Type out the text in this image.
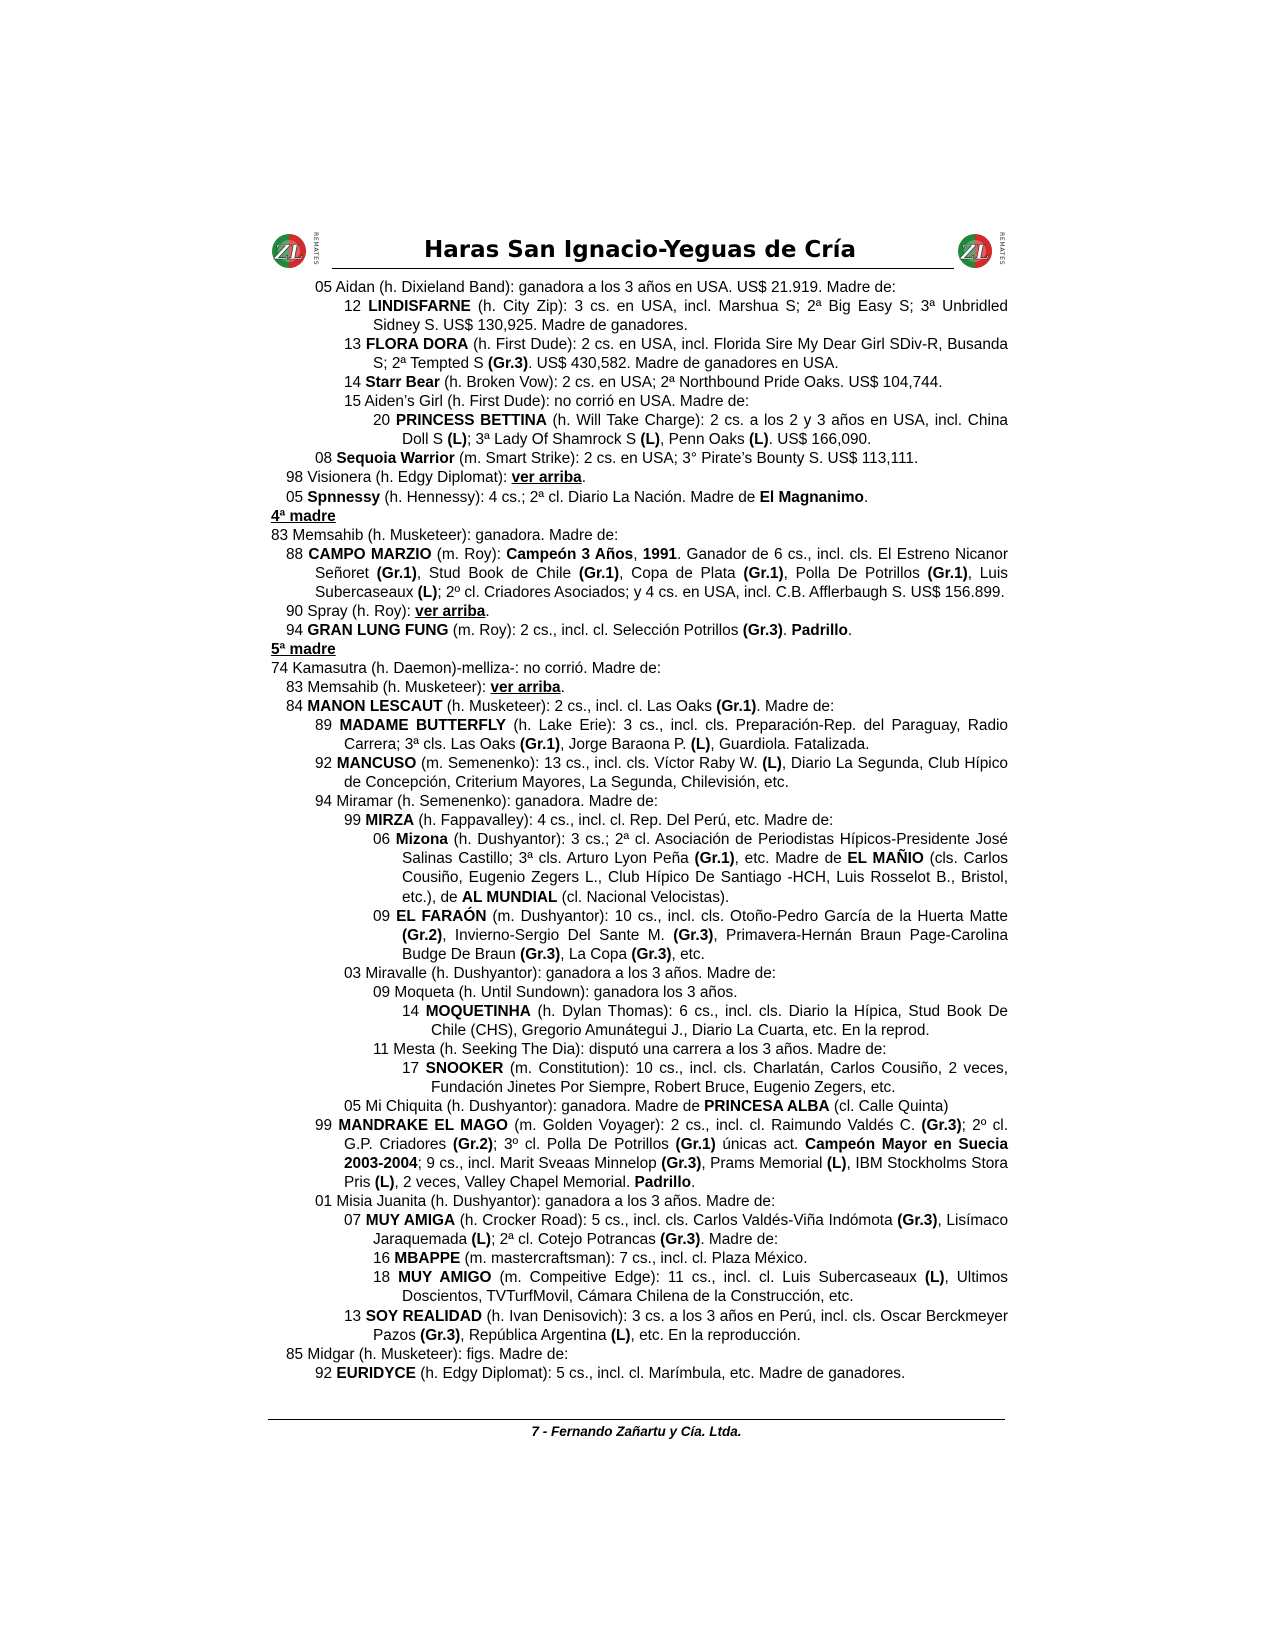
ZL REMATES	Haras San Ignacio-Yeguas de Cría	ZL REMATES
05 Aidan (h. Dixieland Band): ganadora a los 3 años en USA. US$ 21.919. Madre de:
12 LINDISFARNE (h. City Zip): 3 cs. en USA, incl. Marshua S; 2ª Big Easy S; 3ª Unbridled Sidney S. US$ 130,925. Madre de ganadores.
13 FLORA DORA (h. First Dude): 2 cs. en USA, incl. Florida Sire My Dear Girl SDiv-R, Busanda S; 2ª Tempted S (Gr.3). US$ 430,582. Madre de ganadores en USA.
14 Starr Bear (h. Broken Vow): 2 cs. en USA; 2ª Northbound Pride Oaks. US$ 104,744.
15 Aiden’s Girl (h. First Dude): no corrió en USA. Madre de:
20 PRINCESS BETTINA (h. Will Take Charge): 2 cs. a los 2 y 3 años en USA, incl. China Doll S (L); 3ª Lady Of Shamrock S (L), Penn Oaks (L). US$ 166,090.
08 Sequoia Warrior (m. Smart Strike): 2 cs. en USA; 3° Pirate’s Bounty S. US$ 113,111.
98 Visionera (h. Edgy Diplomat): ver arriba.
05 Spnnessy (h. Hennessy): 4 cs.; 2ª cl. Diario La Nación. Madre de El Magnanimo.
4ª madre
83 Memsahib (h. Musketeer): ganadora. Madre de:
88 CAMPO MARZIO (m. Roy): Campeón 3 Años, 1991. Ganador de 6 cs., incl. cls. El Estreno Nicanor Señoret (Gr.1), Stud Book de Chile (Gr.1), Copa de Plata (Gr.1), Polla De Potrillos (Gr.1), Luis Subercaseaux (L); 2º cl. Criadores Asociados; y 4 cs. en USA, incl. C.B. Afflerbaugh S. US$ 156.899.
90 Spray (h. Roy): ver arriba.
94 GRAN LUNG FUNG (m. Roy): 2 cs., incl. cl. Selección Potrillos (Gr.3). Padrillo.
5ª madre
74 Kamasutra (h. Daemon)-melliza-: no corrió. Madre de:
83 Memsahib (h. Musketeer): ver arriba.
84 MANON LESCAUT (h. Musketeer): 2 cs., incl. cl. Las Oaks (Gr.1). Madre de:
89 MADAME BUTTERFLY (h. Lake Erie): 3 cs., incl. cls. Preparación-Rep. del Paraguay, Radio Carrera; 3ª cls. Las Oaks (Gr.1), Jorge Baraona P. (L), Guardiola. Fatalizada.
92 MANCUSO (m. Semenenko): 13 cs., incl. cls. Víctor Raby W. (L), Diario La Segunda, Club Hípico de Concepción, Criterium Mayores, La Segunda, Chilevisión, etc.
94 Miramar (h. Semenenko): ganadora. Madre de:
99 MIRZA (h. Fappavalley): 4 cs., incl. cl. Rep. Del Perú, etc. Madre de:
06 Mizona (h. Dushyantor): 3 cs.; 2ª cl. Asociación de Periodistas Hípicos-Presidente José Salinas Castillo; 3ª cls. Arturo Lyon Peña (Gr.1), etc. Madre de EL MAÑIO (cls. Carlos Cousiño, Eugenio Zegers L., Club Hípico De Santiago -HCH, Luis Rosselot B., Bristol, etc.), de AL MUNDIAL (cl. Nacional Velocistas).
09 EL FARAÓN (m. Dushyantor): 10 cs., incl. cls. Otoño-Pedro García de la Huerta Matte (Gr.2), Invierno-Sergio Del Sante M. (Gr.3), Primavera-Hernán Braun Page-Carolina Budge De Braun (Gr.3), La Copa (Gr.3), etc.
03 Miravalle (h. Dushyantor): ganadora a los 3 años. Madre de:
09 Moqueta (h. Until Sundown): ganadora los 3 años.
14 MOQUETINHA (h. Dylan Thomas): 6 cs., incl. cls. Diario la Hípica, Stud Book De Chile (CHS), Gregorio Amunátegui J., Diario La Cuarta, etc. En la reprod.
11 Mesta (h. Seeking The Dia): disputó una carrera a los 3 años. Madre de:
17 SNOOKER (m. Constitution): 10 cs., incl. cls. Charlatán, Carlos Cousiño, 2 veces, Fundación Jinetes Por Siempre, Robert Bruce, Eugenio Zegers, etc.
05 Mi Chiquita (h. Dushyantor): ganadora. Madre de PRINCESA ALBA (cl. Calle Quinta)
99 MANDRAKE EL MAGO (m. Golden Voyager): 2 cs., incl. cl. Raimundo Valdés C. (Gr.3); 2º cl. G.P. Criadores (Gr.2); 3º cl. Polla De Potrillos (Gr.1) únicas act. Campeón Mayor en Suecia 2003-2004; 9 cs., incl. Marit Sveaas Minnelop (Gr.3), Prams Memorial (L), IBM Stockholms Stora Pris (L), 2 veces, Valley Chapel Memorial. Padrillo.
01 Misia Juanita (h. Dushyantor): ganadora a los 3 años. Madre de:
07 MUY AMIGA (h. Crocker Road): 5 cs., incl. cls. Carlos Valdés-Viña Indómota (Gr.3), Lisímaco Jaraquemada (L); 2ª cl. Cotejo Potrancas (Gr.3). Madre de:
16 MBAPPE (m. mastercraftsman): 7 cs., incl. cl. Plaza México.
18 MUY AMIGO (m. Compeitive Edge): 11 cs., incl. cl. Luis Subercaseaux (L), Ultimos Doscientos, TVTurfMovil, Cámara Chilena de la Construcción, etc.
13 SOY REALIDAD (h. Ivan Denisovich): 3 cs. a los 3 años en Perú, incl. cls. Oscar Berckmeyer Pazos (Gr.3), República Argentina (L), etc. En la reproducción.
85 Midgar (h. Musketeer): figs. Madre de:
92 EURIDYCE (h. Edgy Diplomat): 5 cs., incl. cl. Marímbula, etc. Madre de ganadores.
7 - Fernando Zañartu y Cía. Ltda.
